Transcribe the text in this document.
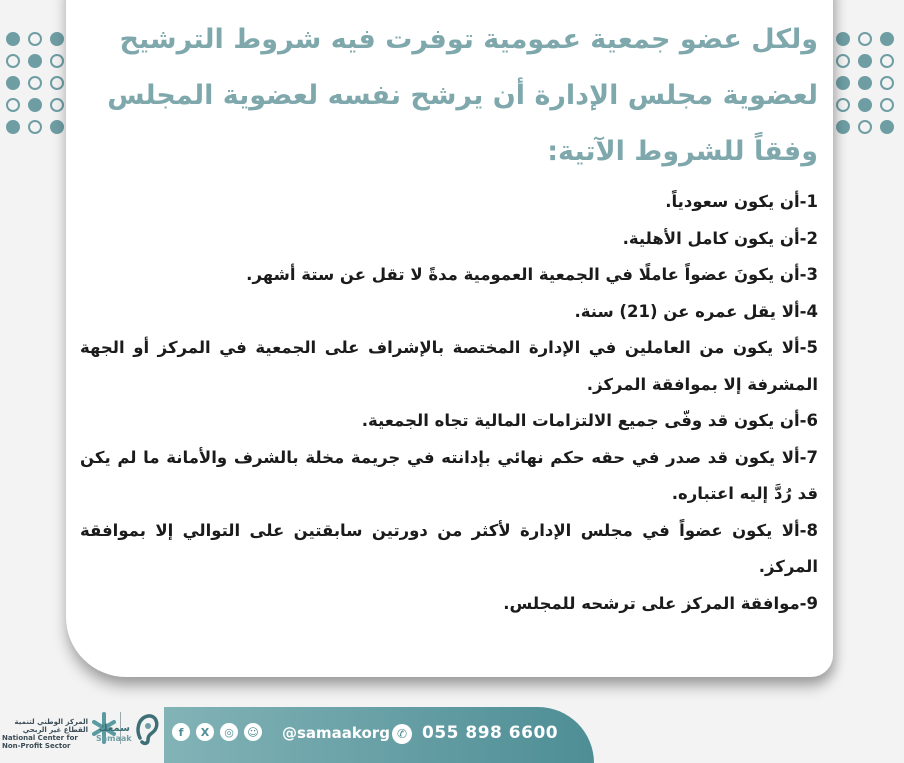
ولكل عضو جمعية عمومية توفرت فيه شروط الترشيح
لعضوية مجلس الإدارة أن يرشح نفسه لعضوية المجلس
وفقاً للشروط الآتية:
1-أن يكون سعودياً.
2-أن يكون كامل الأهلية.
3-أن يكونَ عضواً عاملًا في الجمعية العمومية مدةً لا تقل عن ستة أشهر.
4-ألا يقل عمره عن (21) سنة.
5-ألا يكون من العاملين في الإدارة المختصة بالإشراف على الجمعية في المركز أو الجهة المشرفة إلا بموافقة المركز.
6-أن يكون قد وفّى جميع الالتزامات المالية تجاه الجمعية.
7-ألا يكون قد صدر في حقه حكم نهائي بإدانته في جريمة مخلة بالشرف والأمانة ما لم يكن قد رُدَّ إليه اعتباره.
8-ألا يكون عضواً في مجلس الإدارة لأكثر من دورتين سابقتين على التوالي إلا بموافقة المركز.
9-موافقة المركز على ترشحه للمجلس.
المركز الوطني لتنمية القطاع غير الربحي
National Center for Non-Profit Sector
سمعك
Samaak	f	X	◎	☺ @samaakorg ✆ 055 898 6600
